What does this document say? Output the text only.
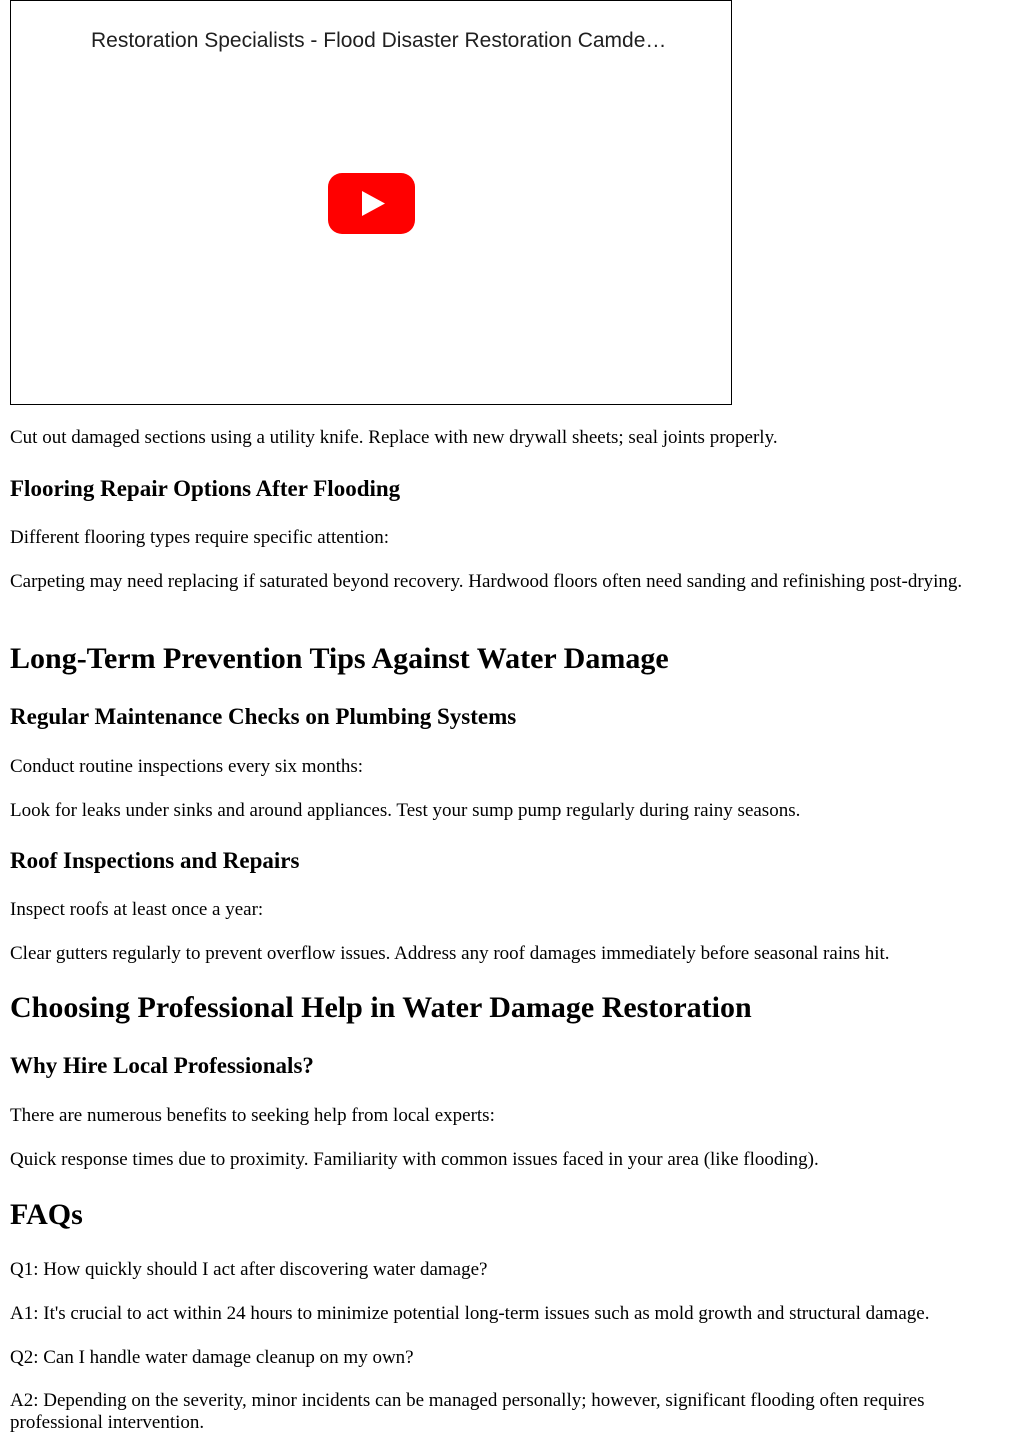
Restoration Specialists - Flood Disaster Restoration Camde…

Cut out damaged sections using a utility knife. Replace with new drywall sheets; seal joints properly.

Flooring Repair Options After Flooding

Different flooring types require specific attention:

Carpeting may need replacing if saturated beyond recovery. Hardwood floors often need sanding and refinishing post-drying.

Long-Term Prevention Tips Against Water Damage
Regular Maintenance Checks on Plumbing Systems

Conduct routine inspections every six months:

Look for leaks under sinks and around appliances. Test your sump pump regularly during rainy seasons.

Roof Inspections and Repairs

Inspect roofs at least once a year:

Clear gutters regularly to prevent overflow issues. Address any roof damages immediately before seasonal rains hit.

Choosing Professional Help in Water Damage Restoration
Why Hire Local Professionals?

There are numerous benefits to seeking help from local experts:

Quick response times due to proximity. Familiarity with common issues faced in your area (like flooding).

FAQs

Q1: How quickly should I act after discovering water damage?

A1: It's crucial to act within 24 hours to minimize potential long-term issues such as mold growth and structural damage.

Q2: Can I handle water damage cleanup on my own?

A2: Depending on the severity, minor incidents can be managed personally; however, significant flooding often requires professional intervention.
